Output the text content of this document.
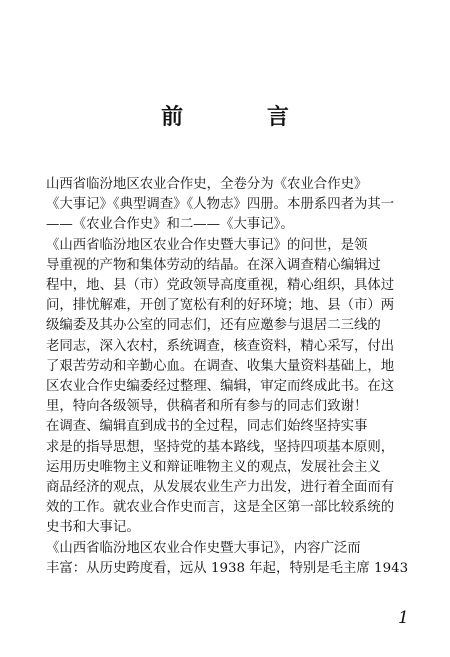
前 言
山西省临汾地区农业合作史，全卷分为《农业合作史》
《大事记》《典型调查》《人物志》四册。本册系四者为其一
——《农业合作史》和二——《大事记》。
《山西省临汾地区农业合作史暨大事记》的问世，是领
导重视的产物和集体劳动的结晶。在深入调查精心编辑过
程中，地、县（市）党政领导高度重视，精心组织，具体过
问，排忧解难，开创了宽松有利的好环境；地、县（市）两
级编委及其办公室的同志们，还有应邀参与退居二三线的
老同志，深入农村，系统调查，核查资料，精心采写，付出
了艰苦劳动和辛勤心血。在调查、收集大量资料基础上，地
区农业合作史编委经过整理、编辑，审定而终成此书。在这
里，特向各级领导，供稿者和所有参与的同志们致谢！
在调查、编辑直到成书的全过程，同志们始终坚持实事
求是的指导思想，坚持党的基本路线，坚持四项基本原则，
运用历史唯物主义和辩证唯物主义的观点，发展社会主义
商品经济的观点，从发展农业生产力出发，进行着全面而有
效的工作。就农业合作史而言，这是全区第一部比较系统的
史书和大事记。
《山西省临汾地区农业合作史暨大事记》，内容广泛而
丰富：从历史跨度看，远从 1938 年起，特别是毛主席 1943
1
